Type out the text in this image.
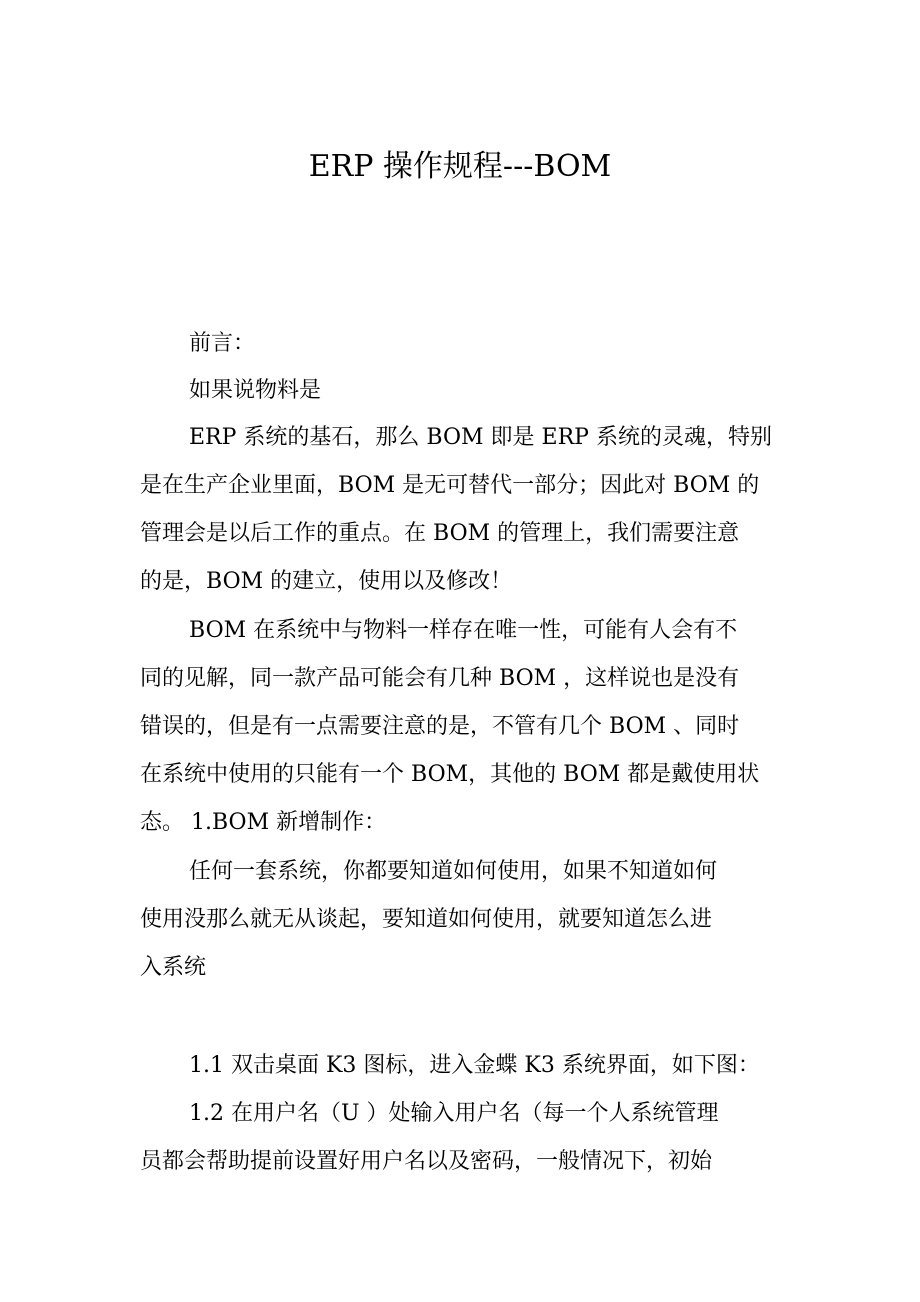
ERP 操作规程---BOM
前言：
如果说物料是
ERP 系统的基石，那么 BOM 即是 ERP 系统的灵魂，特别
是在生产企业里面，BOM 是无可替代一部分；因此对 BOM 的
管理会是以后工作的重点。在 BOM 的管理上，我们需要注意
的是，BOM 的建立，使用以及修改！
BOM 在系统中与物料一样存在唯一性，可能有人会有不
同的见解，同一款产品可能会有几种 BOM ，这样说也是没有
错误的，但是有一点需要注意的是，不管有几个 BOM 、同时
在系统中使用的只能有一个 BOM，其他的 BOM 都是戴使用状
态。 1.BOM 新增制作：
任何一套系统，你都要知道如何使用，如果不知道如何
使用没那么就无从谈起，要知道如何使用，就要知道怎么进
入系统
1.1 双击桌面 K3 图标，进入金蝶 K3 系统界面，如下图：
1.2 在用户名（U ）处输入用户名（每一个人系统管理
员都会帮助提前设置好用户名以及密码，一般情况下，初始
